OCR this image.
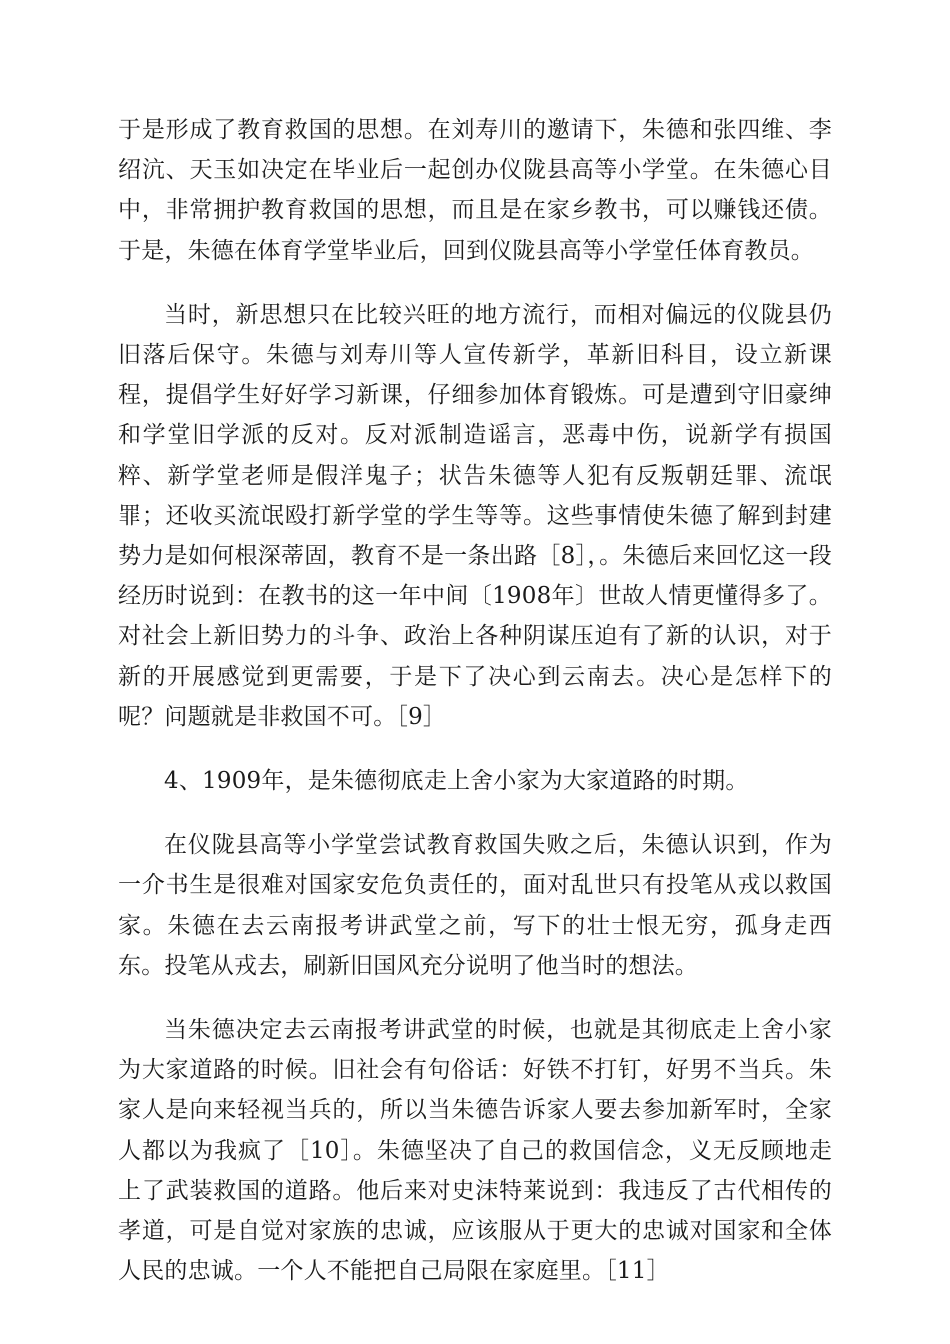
于是形成了教育救国的思想。在刘寿川的邀请下，朱德和张四维、李绍沆、天玉如决定在毕业后一起创办仪陇县高等小学堂。在朱德心目中，非常拥护教育救国的思想，而且是在家乡教书，可以赚钱还债。于是，朱德在体育学堂毕业后，回到仪陇县高等小学堂任体育教员。

当时，新思想只在比较兴旺的地方流行，而相对偏远的仪陇县仍旧落后保守。朱德与刘寿川等人宣传新学，革新旧科目，设立新课程，提倡学生好好学习新课，仔细参加体育锻炼。可是遭到守旧豪绅和学堂旧学派的反对。反对派制造谣言，恶毒中伤，说新学有损国粹、新学堂老师是假洋鬼子；状告朱德等人犯有反叛朝廷罪、流氓罪；还收买流氓殴打新学堂的学生等等。这些事情使朱德了解到封建势力是如何根深蒂固，教育不是一条出路［8］，。朱德后来回忆这一段经历时说到：在教书的这一年中间〔1908年〕世故人情更懂得多了。对社会上新旧势力的斗争、政治上各种阴谋压迫有了新的认识，对于新的开展感觉到更需要，于是下了决心到云南去。决心是怎样下的呢？问题就是非救国不可。［9］

4、1909年，是朱德彻底走上舍小家为大家道路的时期。

在仪陇县高等小学堂尝试教育救国失败之后，朱德认识到，作为一介书生是很难对国家安危负责任的，面对乱世只有投笔从戎以救国家。朱德在去云南报考讲武堂之前，写下的壮士恨无穷，孤身走西东。投笔从戎去，刷新旧国风充分说明了他当时的想法。

当朱德决定去云南报考讲武堂的时候，也就是其彻底走上舍小家为大家道路的时候。旧社会有句俗话：好铁不打钉，好男不当兵。朱家人是向来轻视当兵的，所以当朱德告诉家人要去参加新军时，全家人都以为我疯了［10］。朱德坚决了自己的救国信念，义无反顾地走上了武装救国的道路。他后来对史沫特莱说到：我违反了古代相传的孝道，可是自觉对家族的忠诚，应该服从于更大的忠诚对国家和全体人民的忠诚。一个人不能把自己局限在家庭里。［11］
